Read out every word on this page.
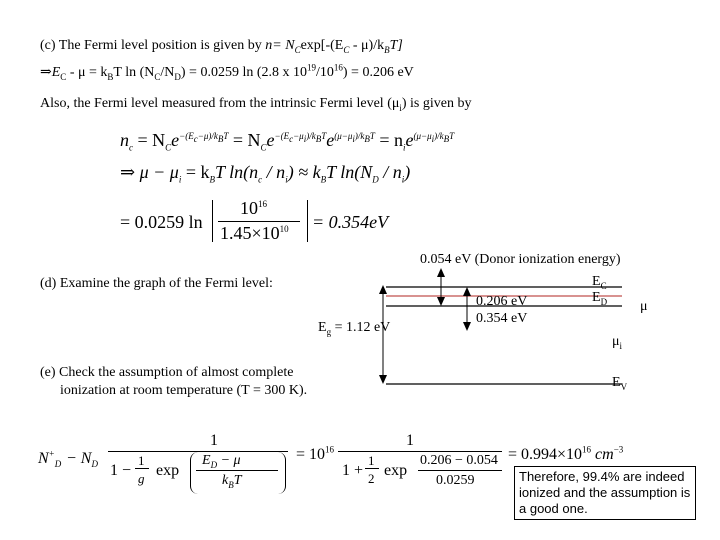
(c) The Fermi level position is given by $n= N_C\exp[-(E_C - \mu)/k_BT]$
$\Rightarrow E_C - \mu = k_BT$ $\ln (N_C/N_D) = 0.0259$ ln (2.8 x $10^{19}/10^{16}) = 0.206$ eV
Also, the Fermi level measured from the intrinsic Fermi level $(\mu_i)$ is given by
$n_c = N_Ce^{-(E_c-\mu)/k_BT} = N_Ce^{-(E_c-\mu_i)/k_BT}e^{(\mu-\mu_i)/k_BT} = n_ie^{(\mu-\mu_i)/k_BT}$
⇒ $\mu - \mu_i = k_BT$ $\ln(n_c / n_i) \approx k_BT$ $\ln(N_D / n_i)$
= 0.0259 ln
$10^{16}$
$1.45\times 10^{10} = 0.354eV$
0.054 eV (Donor ionization energy)
$E_C$
$E_D$ μ
$\mu_i$
$E_V$
0.206 eV
0.354 eV
$E_g = 1.12$ eV
(d) Examine the graph of the Fermi level:
(e) Check the assumption of almost complete
ionization at room temperature (T = 300 K).
$N^+_D - N_D$
1
1 −
1
g exp
$E_D - \mu$
$k_BT$
= $10^{16}$
1
1 +
1
2 exp
0.206 − 0.054
0.0259
= $0.994\times 10^{16}$ $cm^{-3}$
Therefore, 99.4% are indeed ionized and the assumption is a good one.
